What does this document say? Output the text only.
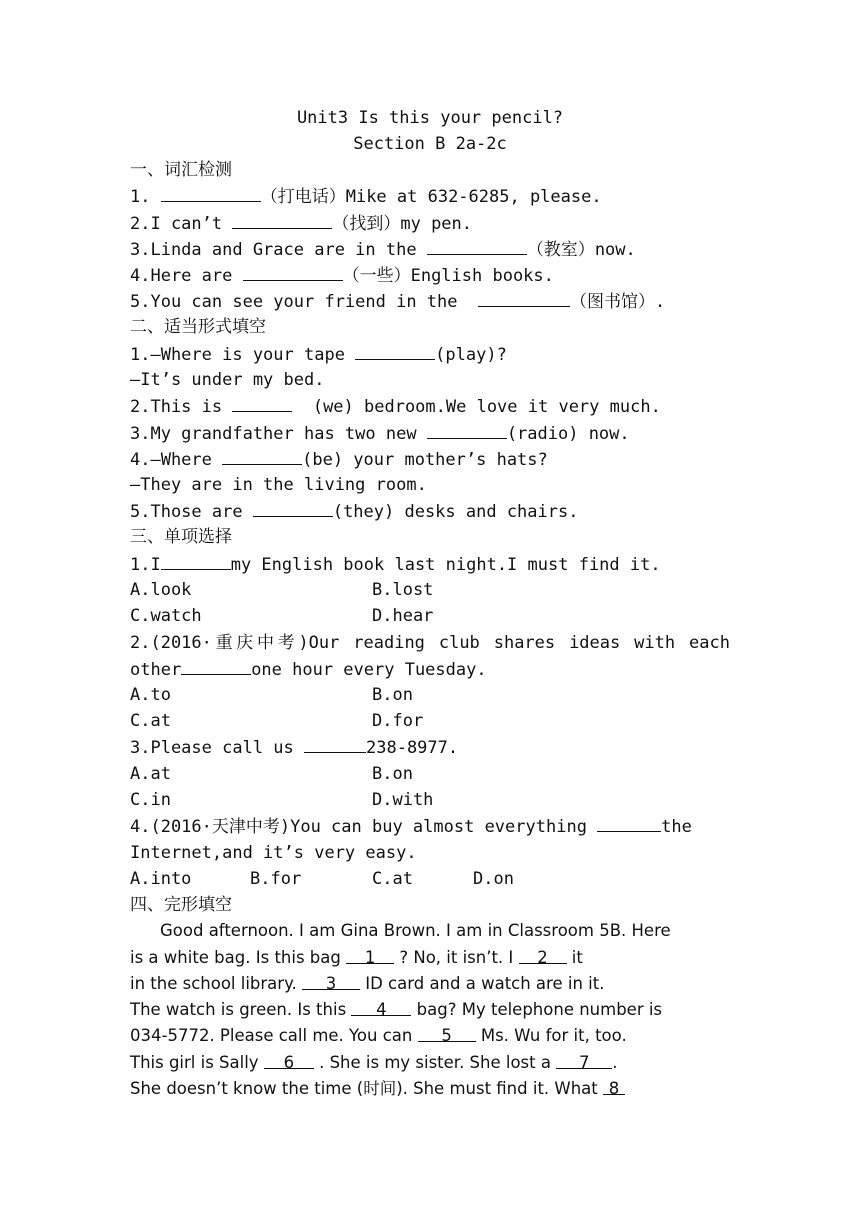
Unit3 Is this your pencil?
Section B 2a-2c
一、词汇检测
1.	（打电话）Mike at 632-6285, please.
2.I can’t	（找到）my pen.
3.Linda and Grace are in the	（教室）now.
4.Here are	（一些）English books.
5.You can see your friend in the	（图书馆）.
二、适当形式填空
1.—Where is your tape	(play)?
—It’s under my bed.
2.This is	(we) bedroom.We love it very much.
3.My grandfather has two new	(radio) now.
4.—Where	(be) your mother’s hats?
—They are in the living room.
5.Those are	(they) desks and chairs.
三、单项选择
1.I	my English book last night.I must find it.
A.look	B.lost
C.watch	D.hear
2.(2016·重庆中考)Our reading club shares ideas with each
other	one hour every Tuesday.
A.to	B.on
C.at	D.for
3.Please call us	238-8977.
A.at	B.on
C.in	D.with
4.(2016·天津中考)You can buy almost everything	the
Internet,and it’s very easy.
A.into	B.for	C.at	D.on
四、完形填空
Good afternoon. I am Gina Brown. I am in Classroom 5B. Here
is a white bag. Is this bag 1 ? No, it isn’t. I 2 it
in the school library. 3 ID card and a watch are in it.
The watch is green. Is this 4 bag? My telephone number is
034-5772. Please call me. You can 5 Ms. Wu for it, too.
This girl is Sally 6 . She is my sister. She lost a 7 .
She doesn’t know the time (时间). She must find it. What 8
